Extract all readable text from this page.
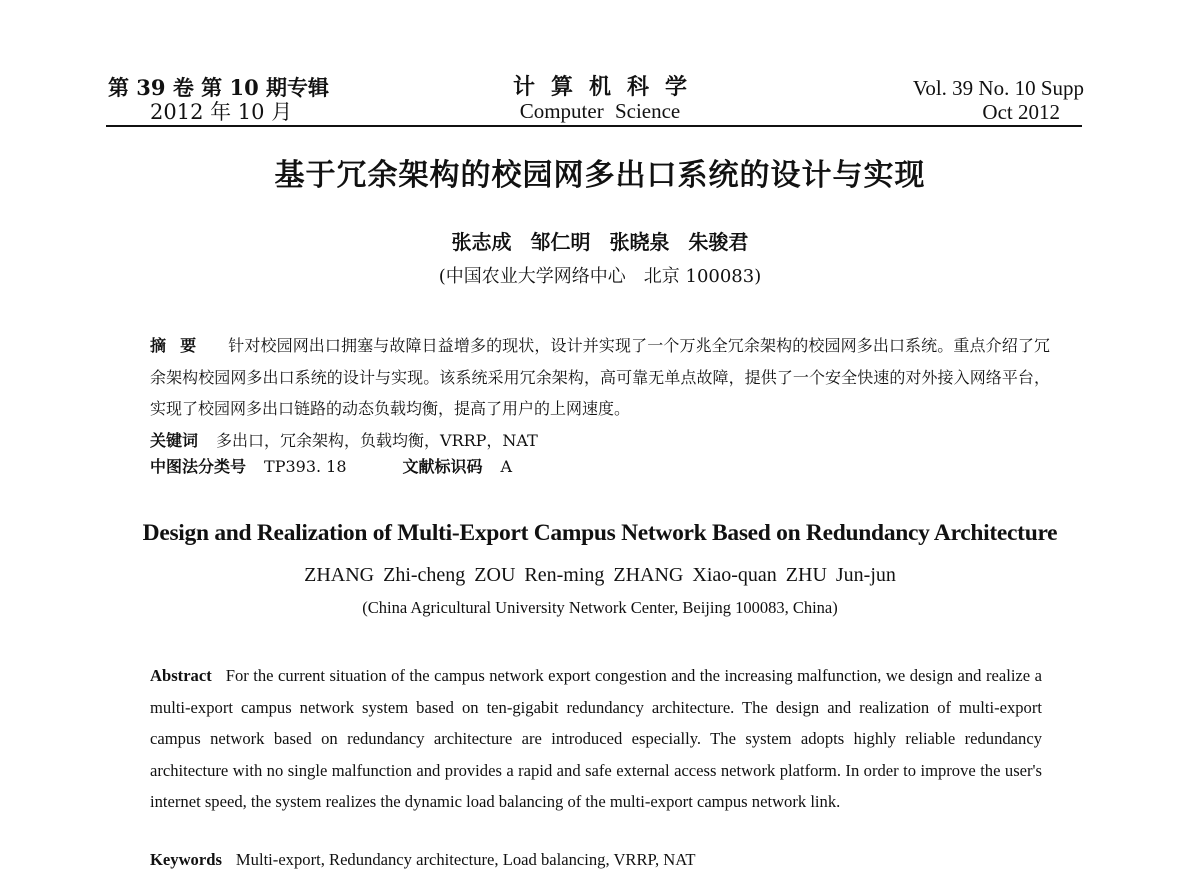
第 39 卷 第 10 期专辑
2012 年 10 月
计算机科学
Computer Science
Vol. 39 No. 10 Supp
Oct 2012
基于冗余架构的校园网多出口系统的设计与实现
张志成 邹仁明 张晓泉 朱骏君
(中国农业大学网络中心　北京 100083)
摘要 针对校园网出口拥塞与故障日益增多的现状，设计并实现了一个万兆全冗余架构的校园网多出口系统。重点介绍了冗余架构校园网多出口系统的设计与实现。该系统采用冗余架构，高可靠无单点故障，提供了一个安全快速的对外接入网络平台，实现了校园网多出口链路的动态负载均衡，提高了用户的上网速度。
关键词 多出口，冗余架构，负载均衡，VRRP，NAT
中图法分类号 TP393. 18	文献标识码 A
Design and Realization of Multi-Export Campus Network Based on Redundancy Architecture
ZHANG Zhi-cheng ZOU Ren-ming ZHANG Xiao-quan ZHU Jun-jun
(China Agricultural University Network Center, Beijing 100083, China)
Abstract For the current situation of the campus network export congestion and the increasing malfunction, we design and realize a multi-export campus network system based on ten-gigabit redundancy architecture. The design and realization of multi-export campus network based on redundancy architecture are introduced especially. The system adopts highly reliable redundancy architecture with no single malfunction and provides a rapid and safe external access network platform. In order to improve the user's internet speed, the system realizes the dynamic load balancing of the multi-export campus network link.
Keywords Multi-export, Redundancy architecture, Load balancing, VRRP, NAT
